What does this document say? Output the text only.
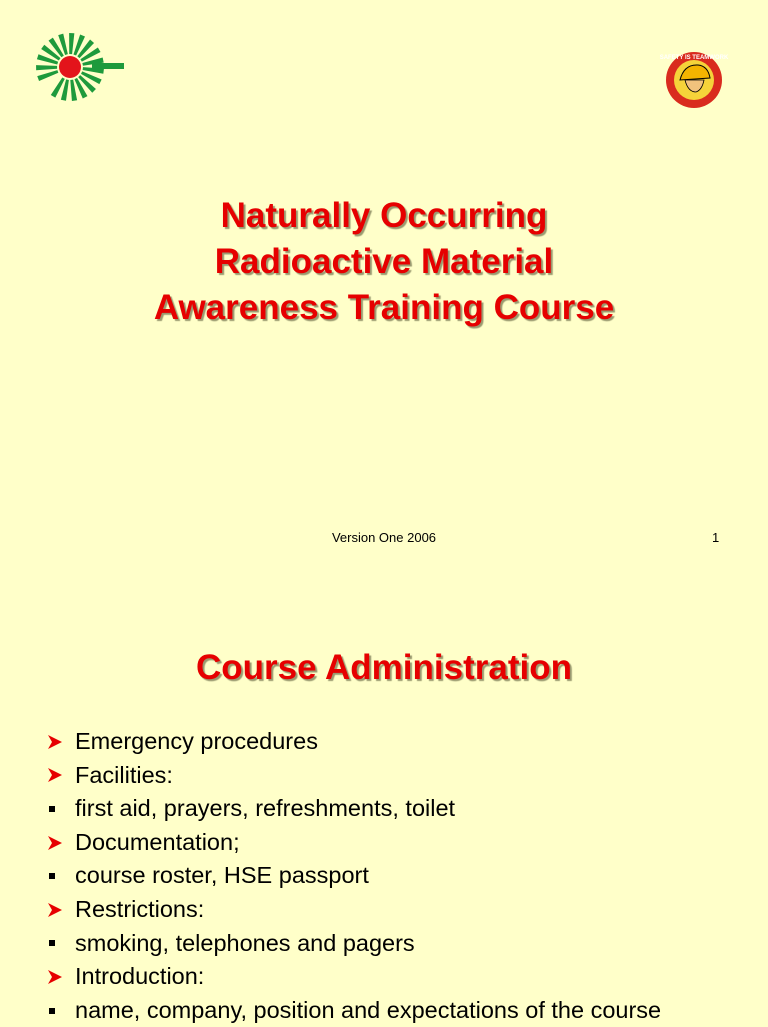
SAFETY IS TEAMWORK
Naturally Occurring
Radioactive Material
Awareness Training Course
Version One 2006	1
Course Administration
Emergency procedures
Facilities:
first aid, prayers, refreshments, toilet
Documentation;
course roster, HSE passport
Restrictions:
smoking, telephones and pagers
Introduction:
name, company, position and expectations of the course
